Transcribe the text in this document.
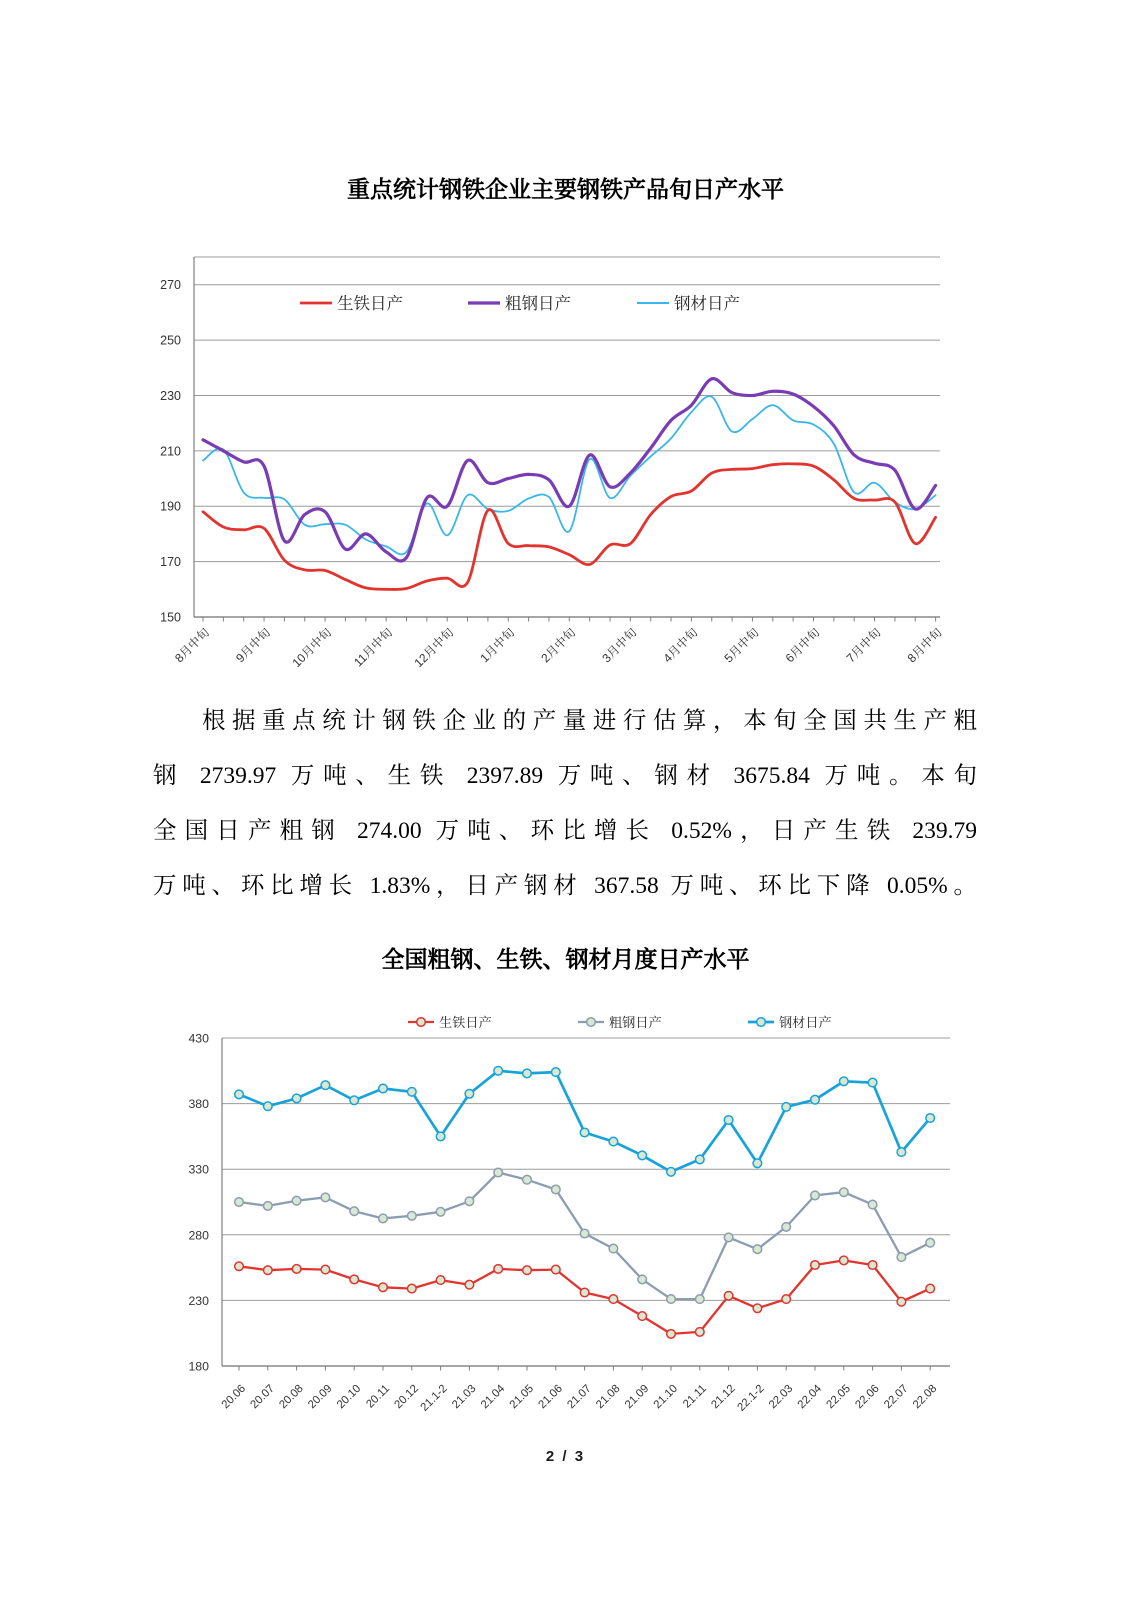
重点统计钢铁企业主要钢铁产品旬日产水平
150
170
190
210
230
250
270
8月中旬 9月中旬 10月中旬 11月中旬 12月中旬 1月中旬 2月中旬 3月中旬 4月中旬 5月中旬 6月中旬 7月中旬 8月中旬
生铁日产	粗钢日产	钢材日产
根据重点统计钢铁企业的产量进行估算，本旬全国共生产粗
钢 2739.97 万吨、生铁 2397.89 万吨、钢材 3675.84 万吨。本旬
全国日产粗钢 274.00 万吨、环比增长 0.52%，日产生铁 239.79
万吨、环比增长 1.83%，日产钢材 367.58 万吨、环比下降 0.05%。
全国粗钢、生铁、钢材月度日产水平
180
230
280
330
380
430
20.06 20.07 20.08 20.09 20.10 20.11 20.12
21.1-2 21.03 21.04 21.05 21.06 21.07 21.08 21.09 21.10 21.11 21.12
22.1-2 22.03 22.04 22.05 22.06 22.07 22.08
生铁日产	粗钢日产	钢材日产
2 / 3
